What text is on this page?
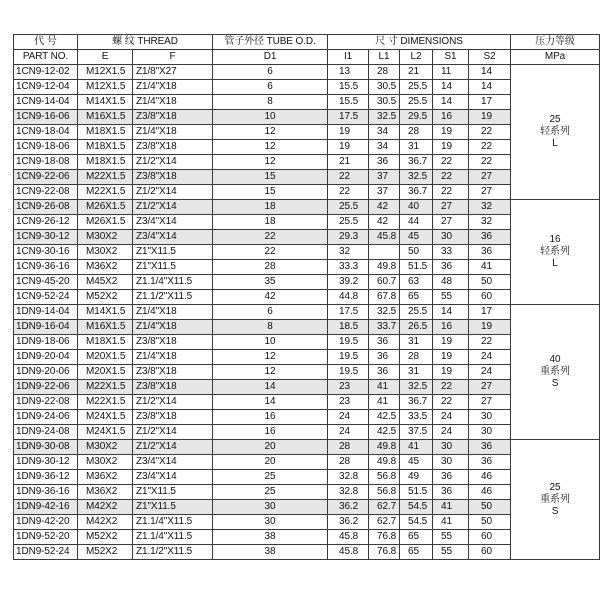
代 号	螺 纹 THREAD		管子外径 TUBE O.D.	尺 寸 DIMENSIONS					压力等级
PART NO.	E	F	D1	I1	L1	L2	S1	S2	MPa
1CN9-12-02	M12X1.5	Z1/8"X27	6	13	28	21	11	14	25
轻系列
L

1CN9-12-04	M12X1.5	Z1/4"X18	6	15.5	30.5	25.5	14	14	
1CN9-14-04	M14X1.5	Z1/4"X18	8	15.5	30.5	25.5	14	17	
1CN9-16-06	M16X1.5	Z3/8"X18	10	17.5	32.5	29.5	16	19	
1CN9-18-04	M18X1.5	Z1/4"X18	12	19	34	28	19	22	
1CN9-18-06	M18X1.5	Z3/8"X18	12	19	34	31	19	22	
1CN9-18-08	M18X1.5	Z1/2"X14	12	21	36	36.7	22	22	
1CN9-22-06	M22X1.5	Z3/8"X18	15	22	37	32.5	22	27	
1CN9-22-08	M22X1.5	Z1/2"X14	15	22	37	36.7	22	27	
1CN9-26-08	M26X1.5	Z1/2"X14	18	25.5	42	40	27	32	16
轻系列
L

1CN9-26-12	M26X1.5	Z3/4"X14	18	25.5	42	44	27	32	
1CN9-30-12	M30X2	Z3/4"X14	22	29.3	45.8	45	30	36	
1CN9-30-16	M30X2	Z1"X11.5	22	32		50	33	36	
1CN9-36-16	M36X2	Z1"X11.5	28	33.3	49.8	51.5	36	41	
1CN9-45-20	M45X2	Z1.1/4"X11.5	35	39.2	60.7	63	48	50	
1CN9-52-24	M52X2	Z1.1/2"X11.5	42	44.8	67.8	65	55	60	
1DN9-14-04	M14X1.5	Z1/4"X18	6	17.5	32.5	25.5	14	17	40
重系列
S

1DN9-16-04	M16X1.5	Z1/4"X18	8	18.5	33.7	26.5	16	19	
1DN9-18-06	M18X1.5	Z3/8"X18	10	19.5	36	31	19	22	
1DN9-20-04	M20X1.5	Z1/4"X18	12	19.5	36	28	19	24	
1DN9-20-06	M20X1.5	Z3/8"X18	12	19.5	36	31	19	24	
1DN9-22-06	M22X1.5	Z3/8"X18	14	23	41	32.5	22	27	
1DN9-22-08	M22X1.5	Z1/2"X14	14	23	41	36.7	22	27	
1DN9-24-06	M24X1.5	Z3/8"X18	16	24	42.5	33.5	24	30	
1DN9-24-08	M24X1.5	Z1/2"X14	16	24	42.5	37.5	24	30	
1DN9-30-08	M30X2	Z1/2"X14	20	28	49.8	41	30	36	25
重系列
S

1DN9-30-12	M30X2	Z3/4"X14	20	28	49.8	45	30	36	
1DN9-36-12	M36X2	Z3/4"X14	25	32.8	56.8	49	36	46	
1DN9-36-16	M36X2	Z1"X11.5	25	32.8	56.8	51.5	36	46	
1DN9-42-16	M42X2	Z1"X11.5	30	36.2	62.7	54.5	41	50	
1DN9-42-20	M42X2	Z1.1/4"X11.5	30	36.2	62.7	54.5	41	50	
1DN9-52-20	M52X2	Z1.1/4"X11.5	38	45.8	76.8	65	55	60	
1DN9-52-24	M52X2	Z1.1/2"X11.5	38	45.8	76.8	65	55	60	
